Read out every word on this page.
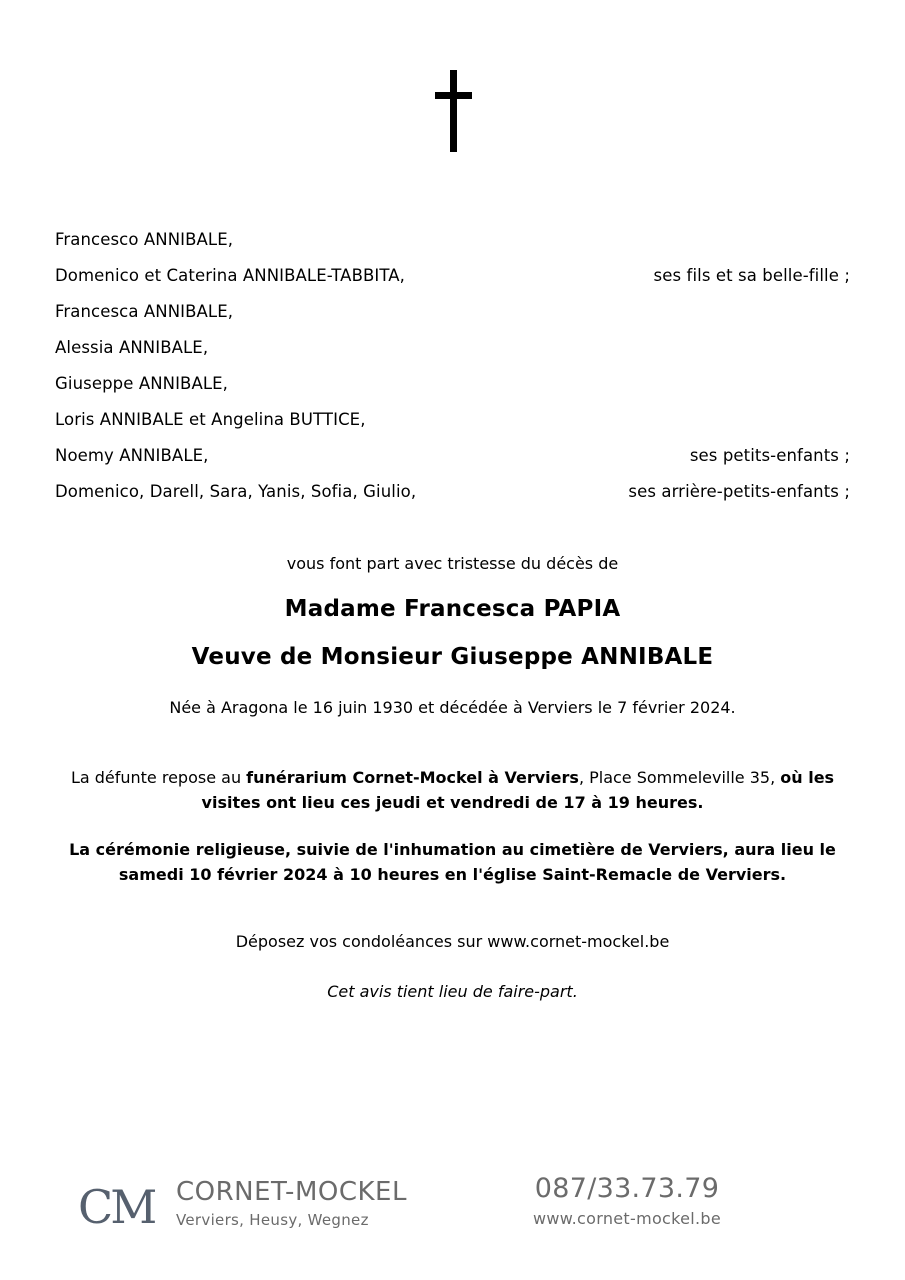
Francesco ANNIBALE,
Domenico et Caterina ANNIBALE-TABBITA,	ses fils et sa belle-fille ;
Francesca ANNIBALE,
Alessia ANNIBALE,
Giuseppe ANNIBALE,
Loris ANNIBALE et Angelina BUTTICE,
Noemy ANNIBALE,	ses petits-enfants ;
Domenico, Darell, Sara, Yanis, Sofia, Giulio,	ses arrière-petits-enfants ;
vous font part avec tristesse du décès de
Madame Francesca PAPIA
Veuve de Monsieur Giuseppe ANNIBALE
Née à Aragona le 16 juin 1930 et décédée à Verviers le 7 février 2024.

La défunte repose au funérarium Cornet-Mockel à Verviers, Place Sommeleville 35, où les visites ont lieu ces jeudi et vendredi de 17 à 19 heures.

La cérémonie religieuse, suivie de l'inhumation au cimetière de Verviers, aura lieu le samedi 10 février 2024 à 10 heures en l'église Saint-Remacle de Verviers.

Déposez vos condoléances sur www.cornet-mockel.be
Cet avis tient lieu de faire-part.
CM CORNET-MOCKEL
Verviers, Heusy, Wegnez
087/33.73.79
www.cornet-mockel.be
